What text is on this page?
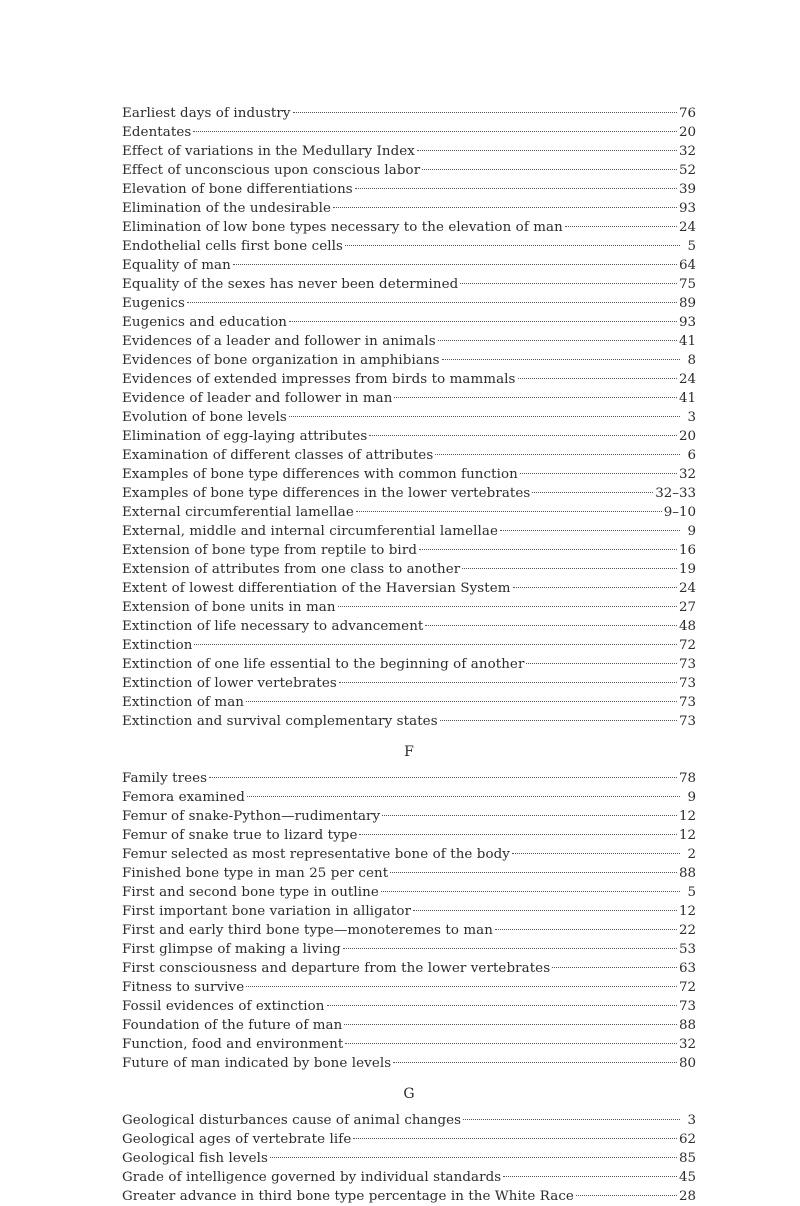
Earliest days of industry	76
Edentates	20
Effect of variations in the Medullary Index	32
Effect of unconscious upon conscious labor	52
Elevation of bone differentiations	39
Elimination of the undesirable	93
Elimination of low bone types necessary to the elevation of man	24
Endothelial cells first bone cells	5
Equality of man	64
Equality of the sexes has never been determined	75
Eugenics	89
Eugenics and education	93
Evidences of a leader and follower in animals	41
Evidences of bone organization in amphibians	8
Evidences of extended impresses from birds to mammals	24
Evidence of leader and follower in man	41
Evolution of bone levels	3
Elimination of egg-laying attributes	20
Examination of different classes of attributes	6
Examples of bone type differences with common function	32
Examples of bone type differences in the lower vertebrates	32–33
External circumferential lamellae	9–10
External, middle and internal circumferential lamellae	9
Extension of bone type from reptile to bird	16
Extension of attributes from one class to another	19
Extent of lowest differentiation of the Haversian System	24
Extension of bone units in man	27
Extinction of life necessary to advancement	48
Extinction	72
Extinction of one life essential to the beginning of another	73
Extinction of lower vertebrates	73
Extinction of man	73
Extinction and survival complementary states	73
F
Family trees	78
Femora examined	9
Femur of snake-Python—rudimentary	12
Femur of snake true to lizard type	12
Femur selected as most representative bone of the body	2
Finished bone type in man 25 per cent	88
First and second bone type in outline	5
First important bone variation in alligator	12
First and early third bone type—monoteremes to man	22
First glimpse of making a living	53
First consciousness and departure from the lower vertebrates	63
Fitness to survive	72
Fossil evidences of extinction	73
Foundation of the future of man	88
Function, food and environment	32
Future of man indicated by bone levels	80
G
Geological disturbances cause of animal changes	3
Geological ages of vertebrate life	62
Geological fish levels	85
Grade of intelligence governed by individual standards	45
Greater advance in third bone type percentage in the White Race	28
